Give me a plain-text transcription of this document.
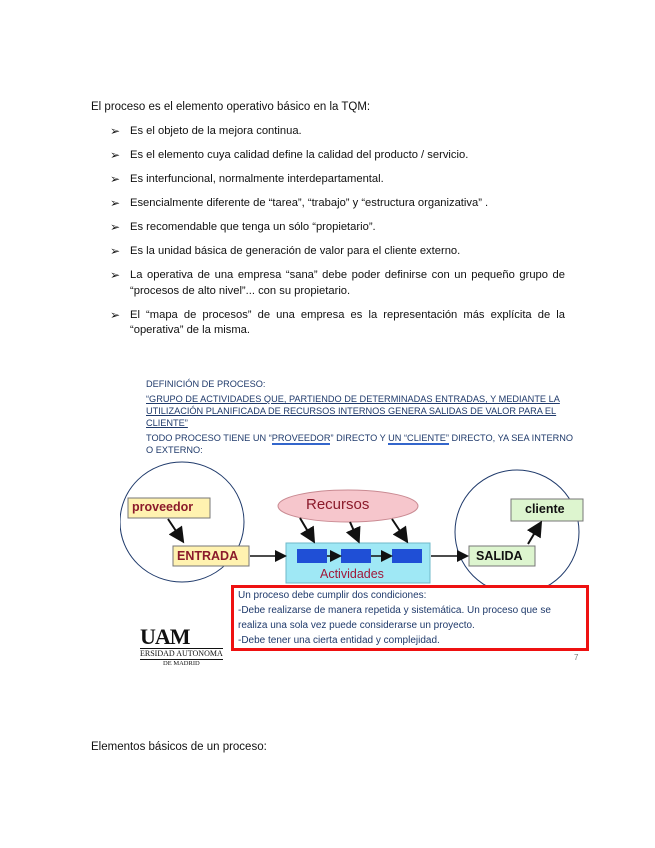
El proceso es el elemento operativo básico en la TQM:
➢ Es el objeto de la mejora continua.
➢ Es el elemento cuya calidad define la calidad del producto / servicio.
➢ Es interfuncional, normalmente interdepartamental.
➢ Esencialmente diferente de “tarea”, “trabajo” y “estructura organizativa” .
➢ Es recomendable que tenga un sólo “propietario”.
➢ Es la unidad básica de generación de valor para el cliente externo.
➢ La operativa de una empresa “sana” debe poder definirse con un pequeño grupo de “procesos de alto nivel”... con su propietario.
➢ El “mapa de procesos” de una empresa es la representación más explícita de la “operativa” de la misma.
DEFINICIÓN DE PROCESO:
“GRUPO DE ACTIVIDADES QUE, PARTIENDO DE DETERMINADAS ENTRADAS, Y MEDIANTE LA
UTILIZACIÓN PLANIFICADA DE RECURSOS INTERNOS GENERA SALIDAS DE VALOR PARA EL
CLIENTE”
TODO PROCESO TIENE UN “PROVEEDOR” DIRECTO Y UN “CLIENTE” DIRECTO, YA SEA INTERNO
O EXTERNO:
proveedor	Recursos	cliente
ENTRADA
Actividades
SALIDA
Un proceso debe cumplir dos condiciones:
-Debe realizarse de manera repetida y sistemática. Un proceso que se
realiza una sola vez puede considerarse un proyecto.
-Debe tener una cierta entidad y complejidad.
UAM
ERSIDAD AUTONOMA
DE MADRID
7
Elementos básicos de un proceso:
